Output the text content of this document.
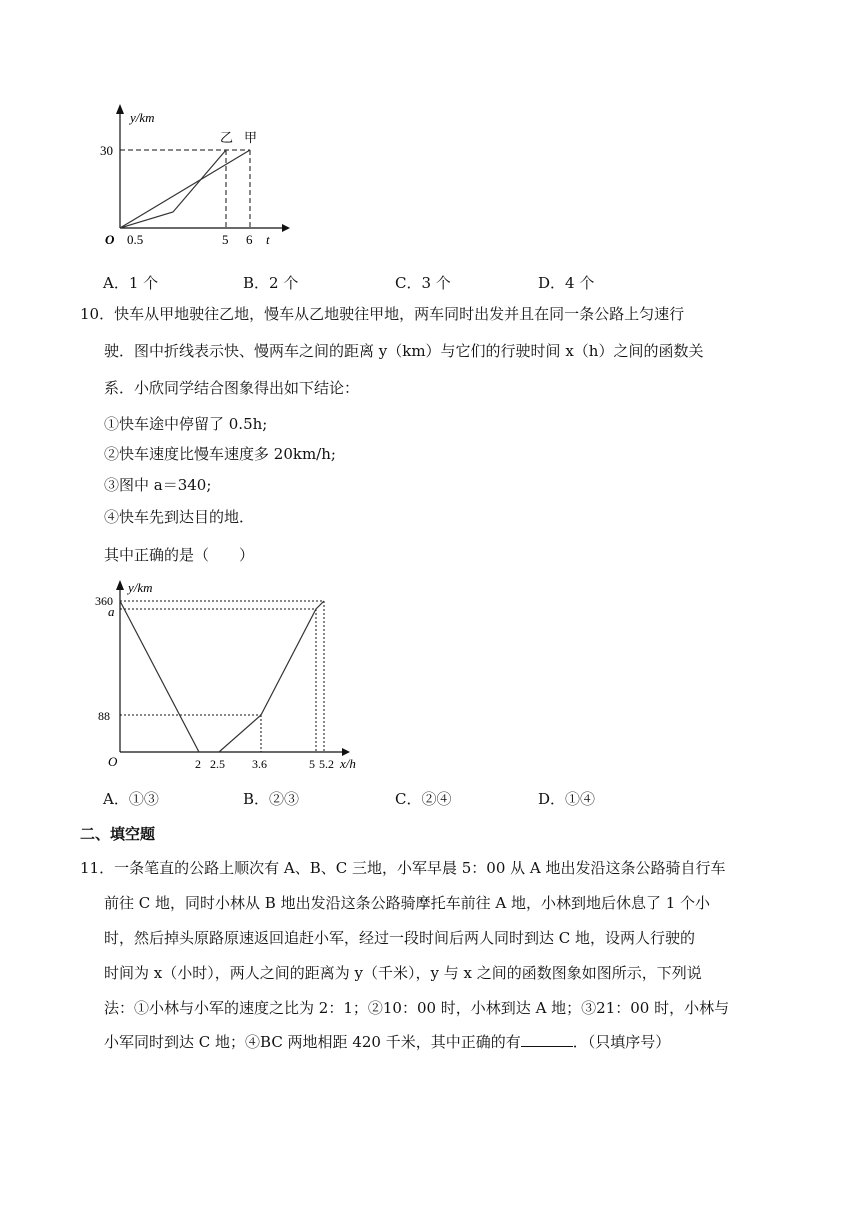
y/km
30
乙 甲
O 0.5	5 6 t
A．1 个	B．2 个	C．3 个	D．4 个
10．快车从甲地驶往乙地，慢车从乙地驶往甲地，两车同时出发并且在同一条公路上匀速行
驶．图中折线表示快、慢两车之间的距离 y（km）与它们的行驶时间 x（h）之间的函数关
系．小欣同学结合图象得出如下结论：
①快车途中停留了 0.5h;
②快车速度比慢车速度多 20km/h;
③图中 a＝340;
④快车先到达目的地．
其中正确的是（　　）
y/km
360
a
88
O	2 2.5 3.6	5 5.2 x/h
A．①③	B．②③	C．②④	D．①④
二、填空题
11．一条笔直的公路上顺次有 A、B、C 三地，小军早晨 5：00 从 A 地出发沿这条公路骑自行车
前往 C 地，同时小林从 B 地出发沿这条公路骑摩托车前往 A 地，小林到地后休息了 1 个小
时，然后掉头原路原速返回追赶小军，经过一段时间后两人同时到达 C 地，设两人行驶的
时间为 x（小时），两人之间的距离为 y（千米），y 与 x 之间的函数图象如图所示，下列说
法：①小林与小军的速度之比为 2：1；②10：00 时，小林到达 A 地；③21：00 时，小林与
小军同时到达 C 地；④BC 两地相距 420 千米，其中正确的有	．（只填序号）
